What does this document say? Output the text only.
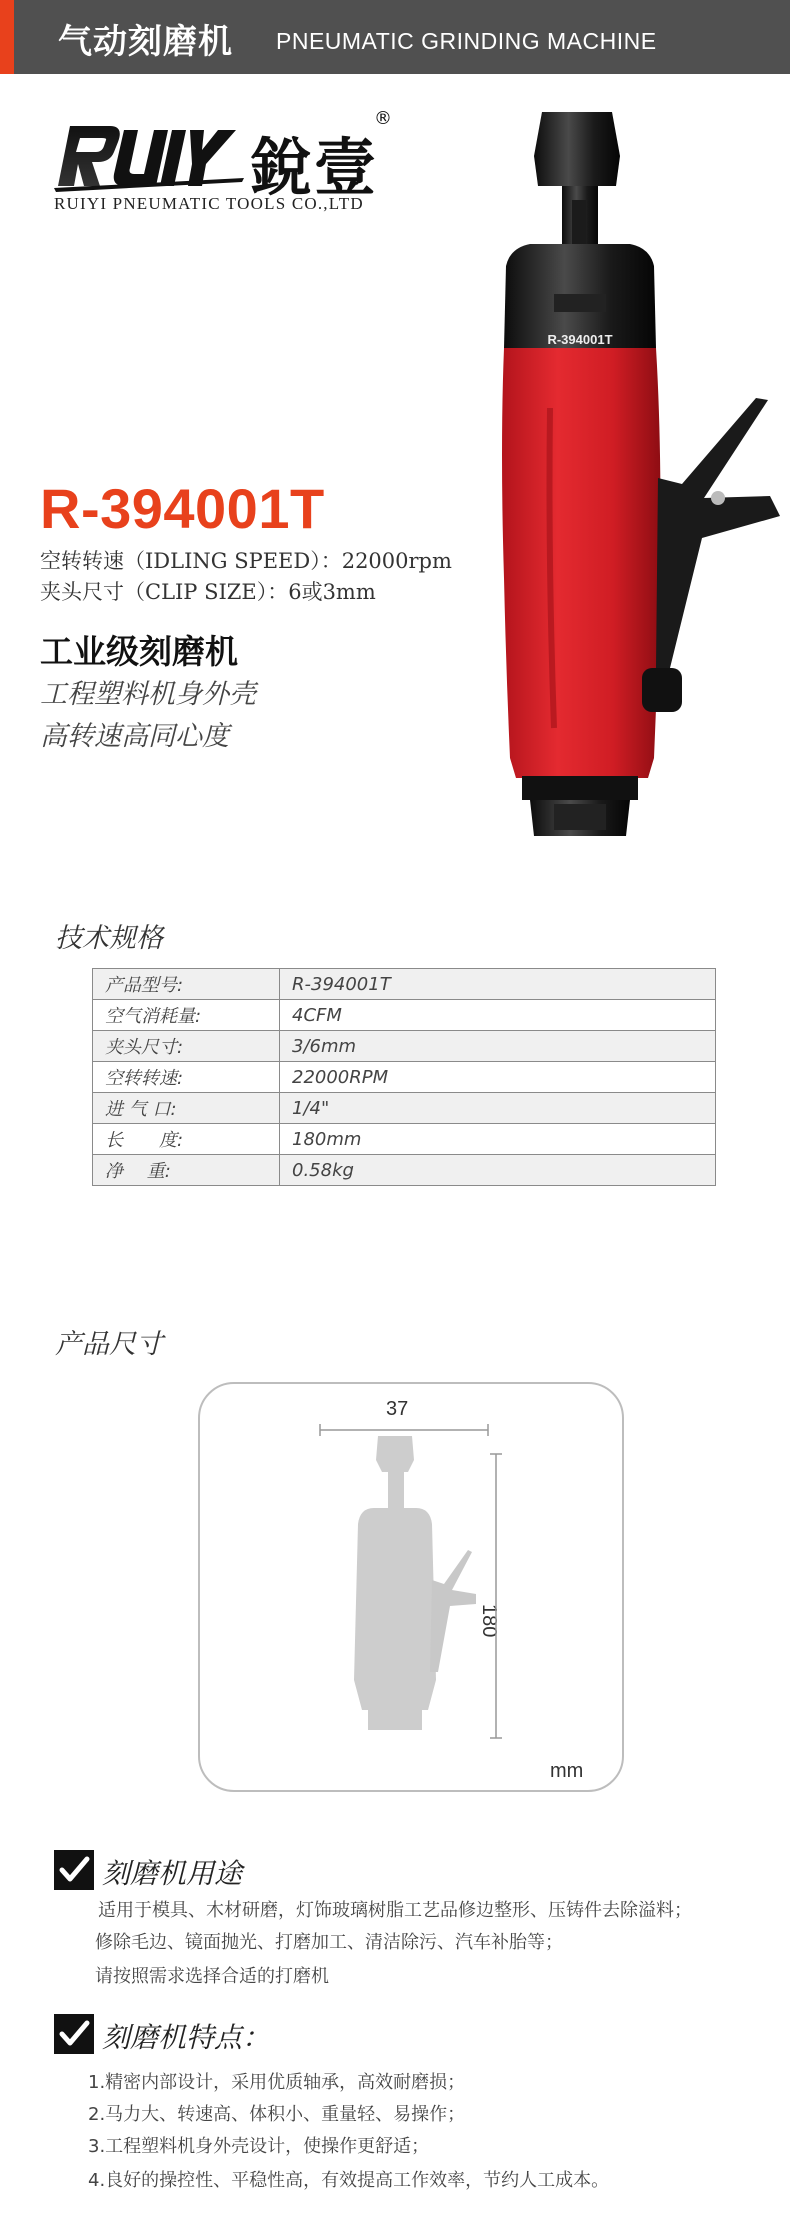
气动刻磨机 PNEUMATIC GRINDING MACHINE
銳壹
®
RUIYI PNEUMATIC TOOLS CO.,LTD
R-394001T
R-394001T
空转转速（IDLING SPEED）：22000rpm
夹头尺寸（CLIP SIZE）：6或3mm
工业级刻磨机
工程塑料机身外壳
高转速高同心度
技术规格
产品型号:	R-394001T
空气消耗量:	4CFM
夹头尺寸:	3/6mm
空转转速:	22000RPM
进 气 口:	1/4"
长　　度:	180mm
净　 重:	0.58kg
产品尺寸
37
180
mm
刻磨机用途
适用于模具、木材研磨，灯饰玻璃树脂工艺品修边整形、压铸件去除溢料；
修除毛边、镜面抛光、打磨加工、清洁除污、汽车补胎等；
请按照需求选择合适的打磨机
刻磨机特点：
1.精密内部设计，采用优质轴承，高效耐磨损；
2.马力大、转速高、体积小、重量轻、易操作；
3.工程塑料机身外壳设计，使操作更舒适；
4.良好的操控性、平稳性高，有效提高工作效率，节约人工成本。
